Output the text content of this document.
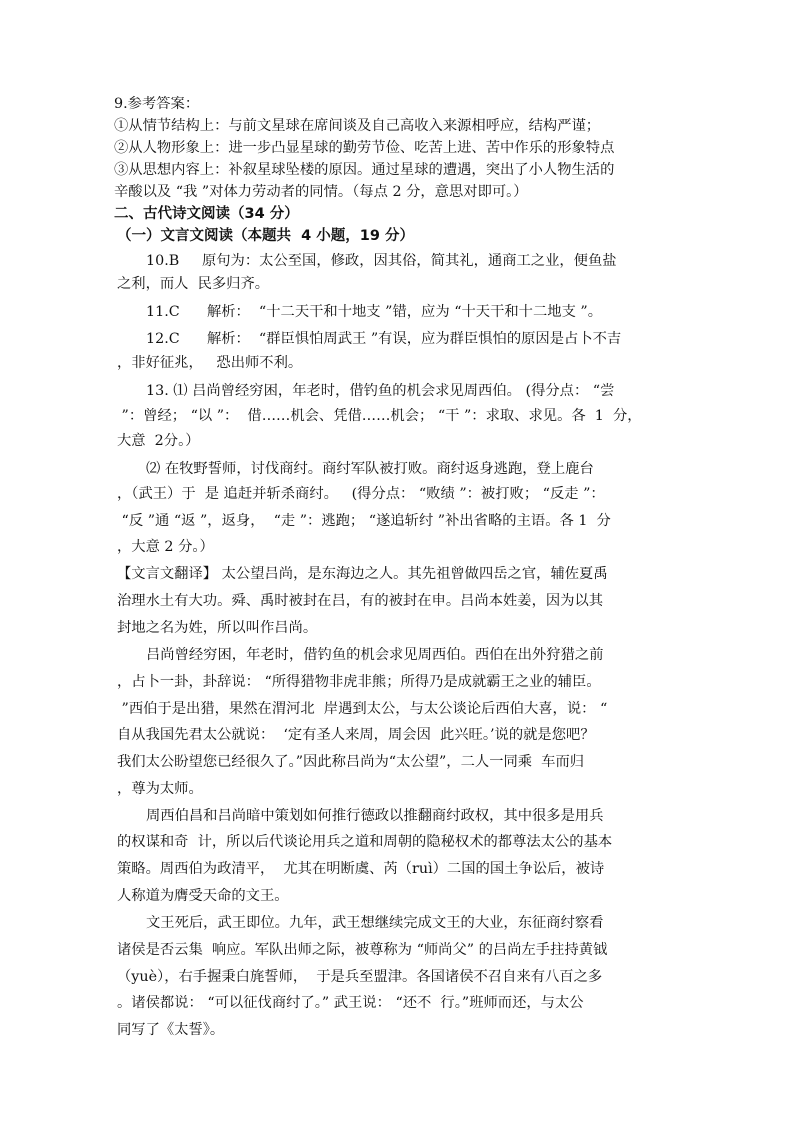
9.参考答案：
①从情节结构上：与前文星球在席间谈及自己高收入来源相呼应，结构严谨；
②从人物形象上：进一步凸显星球的勤劳节俭、吃苦上进、苦中作乐的形象特点
③从思想内容上：补叙星球坠楼的原因。通过星球的遭遇，突出了小人物生活的
辛酸以及 “我 ”对体力劳动者的同情。（每点 2 分，意思对即可。）
二、古代诗文阅读（34 分）
（一）文言文阅读（本题共  4 小题，19 分）
10.B     原句为：太公至国，修政，因其俗，简其礼，通商工之业，便鱼盐
之利，而人  民多归齐。
11.C      解析：  “十二天干和十地支 ”错，应为 “十天干和十二地支 ”。
12.C      解析：  “群臣惧怕周武王 ”有误，应为群臣惧怕的原因是占卜不吉
，非好征兆，   恐出师不利。
13. ⑴ 吕尚曾经穷困，年老时，借钓鱼的机会求见周西伯。 (得分点： “尝
”：曾经； “以 ”：  借……机会、凭借……机会； “干 ”：求取、求见。各  1  分，
大意  2分。）
⑵ 在牧野誓师，讨伐商纣。商纣军队被打败。商纣返身逃跑，登上鹿台
，（武王）于  是 追赶并斩杀商纣。   (得分点： “败绩 ”：被打败； “反走 ”：
“反 ”通 “返 ”，返身，  “走 ”：逃跑； “遂追斩纣 ”补出省略的主语。各 1  分
，大意 2 分。）
【文言文翻译】 太公望吕尚，是东海边之人。其先祖曾做四岳之官，辅佐夏禹
治理水土有大功。舜、禹时被封在吕，有的被封在申。吕尚本姓姜，因为以其
封地之名为姓，所以叫作吕尚。
吕尚曾经穷困，年老时，借钓鱼的机会求见周西伯。西伯在出外狩猎之前
，占卜一卦，卦辞说： “所得猎物非虎非熊；所得乃是成就霸王之业的辅臣。
”西伯于是出猎，果然在渭河北  岸遇到太公，与太公谈论后西伯大喜，说： “
自从我国先君太公就说：  ‘定有圣人来周，周会因  此兴旺。’说的就是您吧？
我们太公盼望您已经很久了。”因此称吕尚为“太公望”，二人一同乘  车而归
，尊为太师。
周西伯昌和吕尚暗中策划如何推行德政以推翻商纣政权，其中很多是用兵
的权谋和奇  计，所以后代谈论用兵之道和周朝的隐秘权术的都尊法太公的基本
策略。周西伯为政清平，  尤其在明断虞、芮（ruì）二国的国土争讼后，被诗
人称道为膺受天命的文王。
文王死后，武王即位。九年，武王想继续完成文王的大业，东征商纣察看
诸侯是否云集  响应。军队出师之际，被尊称为 “师尚父” 的吕尚左手拄持黄钺
（yuè），右手握秉白旄誓师，  于是兵至盟津。各国诸侯不召自来有八百之多
。诸侯都说： “可以征伐商纣了。” 武王说： “还不  行。”班师而还，与太公
同写了《太誓》。
